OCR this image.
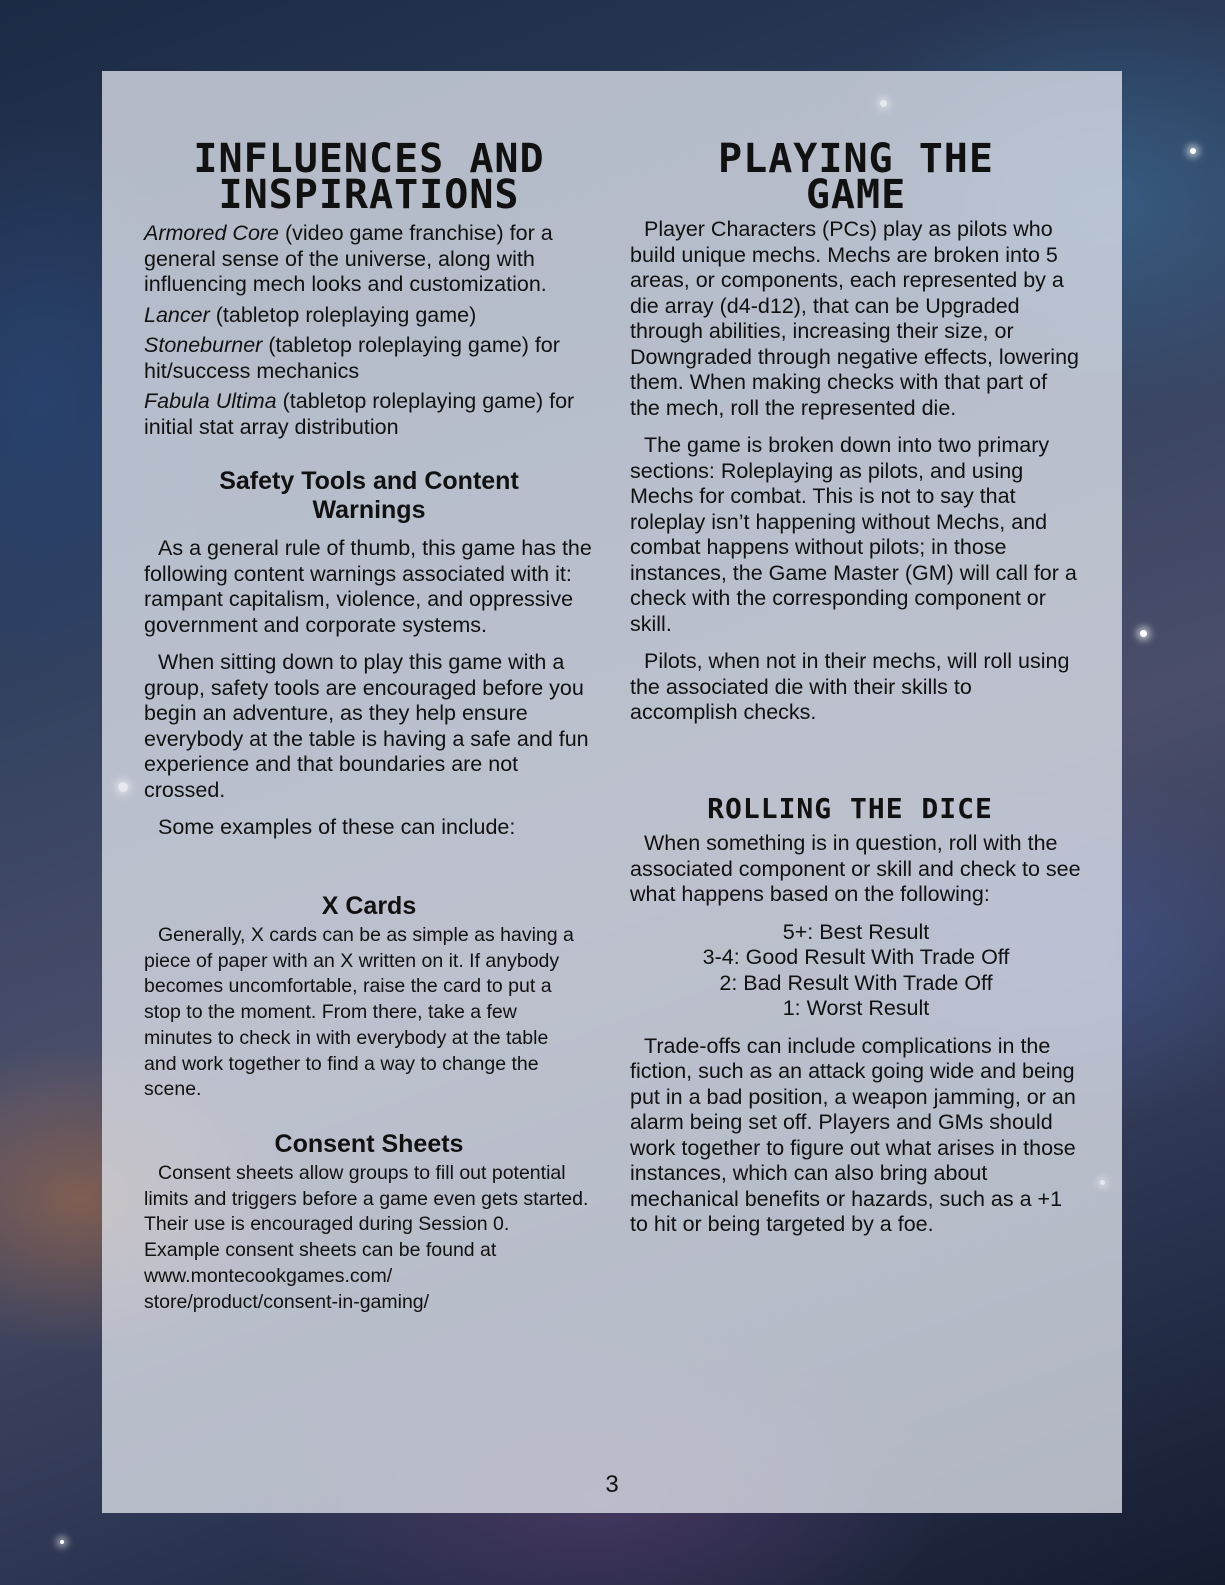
INFLUENCES AND INSPIRATIONS

Armored Core (video game franchise) for a general sense of the universe, along with influencing mech looks and customization.

Lancer (tabletop roleplaying game)

Stoneburner (tabletop roleplaying game) for hit/success mechanics

Fabula Ultima (tabletop roleplaying game) for initial stat array distribution

Safety Tools and Content Warnings

As a general rule of thumb, this game has the following content warnings associated with it: rampant capitalism, violence, and oppressive government and corporate systems.

When sitting down to play this game with a group, safety tools are encouraged before you begin an adventure, as they help ensure everybody at the table is having a safe and fun experience and that boundaries are not crossed.

Some examples of these can include:

X Cards

Generally, X cards can be as simple as having a piece of paper with an X written on it. If anybody becomes uncomfortable, raise the card to put a stop to the moment. From there, take a few minutes to check in with everybody at the table and work together to find a way to change the scene.

Consent Sheets

Consent sheets allow groups to fill out potential limits and triggers before a game even gets started. Their use is encouraged during Session 0. Example consent sheets can be found at www.montecookgames.com/ store/product/consent-in-gaming/

PLAYING THE GAME

Player Characters (PCs) play as pilots who build unique mechs. Mechs are broken into 5 areas, or components, each represented by a die array (d4-d12), that can be Upgraded through abilities, increasing their size, or Downgraded through negative effects, lowering them. When making checks with that part of the mech, roll the represented die.

The game is broken down into two primary sections: Roleplaying as pilots, and using Mechs for combat. This is not to say that roleplay isn’t happening without Mechs, and combat happens without pilots; in those instances, the Game Master (GM) will call for a check with the corresponding component or skill.

Pilots, when not in their mechs, will roll using the associated die with their skills to accomplish checks.

ROLLING THE DICE

When something is in question, roll with the associated component or skill and check to see what happens based on the following:

5+: Best Result

3-4: Good Result With Trade Off

2: Bad Result With Trade Off

1: Worst Result

Trade-offs can include complications in the fiction, such as an attack going wide and being put in a bad position, a weapon jamming, or an alarm being set off. Players and GMs should work together to figure out what arises in those instances, which can also bring about mechanical benefits or hazards, such as a +1 to hit or being targeted by a foe.

3
